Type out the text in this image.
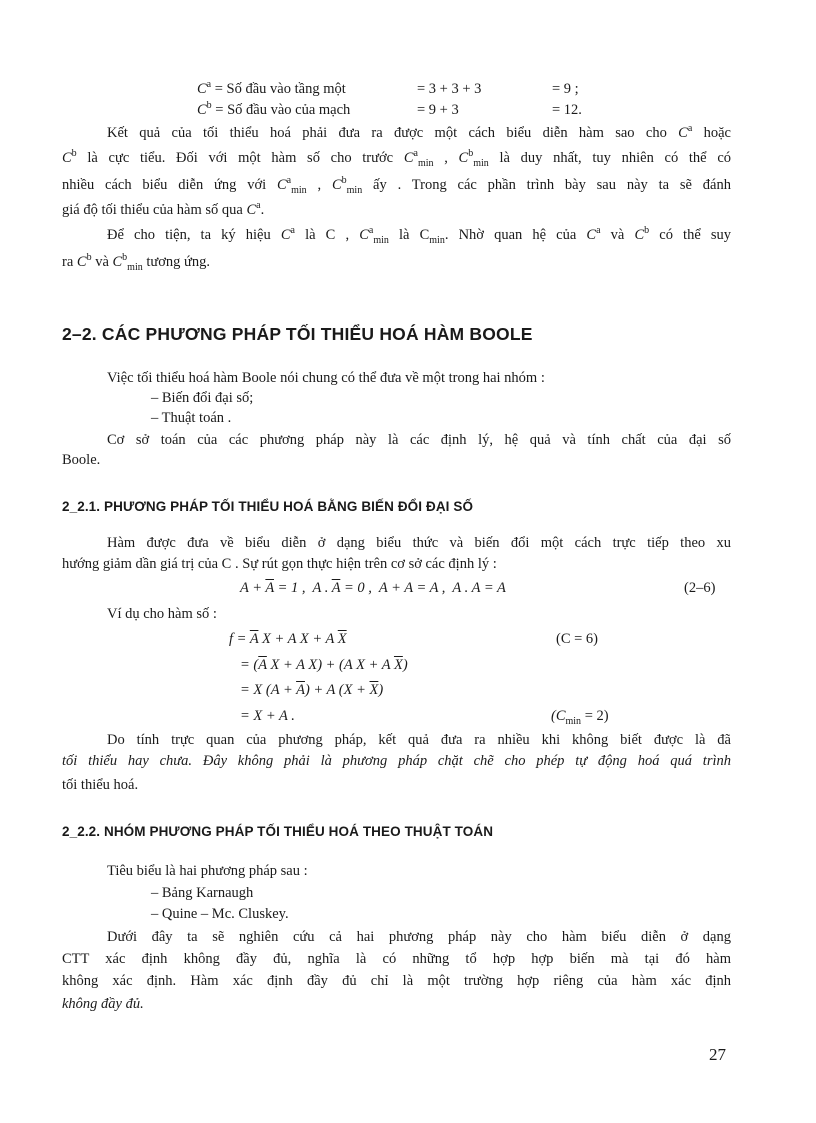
$C^a$ = Số đầu vào tầng một	= 3 + 3 + 3	= 9 ;
$C^b$ = Số đầu vào của mạch	= 9 + 3	= 12.
Kết quả của tối thiểu hoá phải đưa ra được một cách biểu diễn hàm sao cho $C^a$ hoặc
$C^b$ là cực tiểu. Đối với một hàm số cho trước $C^a_{min}$ , $C^b_{min}$ là duy nhất, tuy nhiên có thể có
nhiều cách biểu diễn ứng với $C^a_{min}$ , $C^b_{min}$ ấy . Trong các phần trình bày sau này ta sẽ đánh
giá độ tối thiểu của hàm số qua $C^a$.
Để cho tiện, ta ký hiệu $C^a$ là C , $C^a_{min}$ là $C_{min}$. Nhờ quan hệ của $C^a$ và $C^b$ có thể suy
ra $C^b$ và $C^b_{min}$ tương ứng.
2–2. CÁC PHƯƠNG PHÁP TỐI THIỂU HOÁ HÀM BOOLE
Việc tối thiểu hoá hàm Boole nói chung có thể đưa về một trong hai nhóm :
– Biến đổi đại số;
– Thuật toán .
Cơ sở toán của các phương pháp này là các định lý, hệ quả và tính chất của đại số
Boole.
2_2.1. PHƯƠNG PHÁP TỐI THIỂU HOÁ BẰNG BIẾN ĐỔI ĐẠI SỐ
Hàm được đưa về biểu diễn ở dạng biểu thức và biến đổi một cách trực tiếp theo xu
hướng giảm dần giá trị của C . Sự rút gọn thực hiện trên cơ sở các định lý :
$A + \overline{A} = 1$ ,  A . $\overline{A} = 0$ ,  A + A = A ,  A . A = A	(2–6)
Ví dụ cho hàm số :
$f = \overline{A}$ X + A X + A $\overline{X}$	(C = 6)
= ($\overline{A}$ X + A X) + (A X + A $\overline{X}$)
= X $(A + \overline{A}) + A$ $(X + \overline{X})$
= X + A .	$(C_{min} = 2)$
Do tính trực quan của phương pháp, kết quả đưa ra nhiều khi không biết được là đã
tối thiểu hay chưa. Đây không phải là phương pháp chặt chẽ cho phép tự động hoá quá trình
tối thiểu hoá.
2_2.2. NHÓM PHƯƠNG PHÁP TỐI THIỂU HOÁ THEO THUẬT TOÁN
Tiêu biểu là hai phương pháp sau :
– Bảng Karnaugh
– Quine – Mc. Cluskey.
Dưới đây ta sẽ nghiên cứu cả hai phương pháp này cho hàm biểu diễn ở dạng
CTT xác định không đầy đủ, nghĩa là có những tổ hợp hợp biến mà tại đó hàm
không xác định. Hàm xác định đầy đủ chỉ là một trường hợp riêng của hàm xác định
không đầy đủ.
27
